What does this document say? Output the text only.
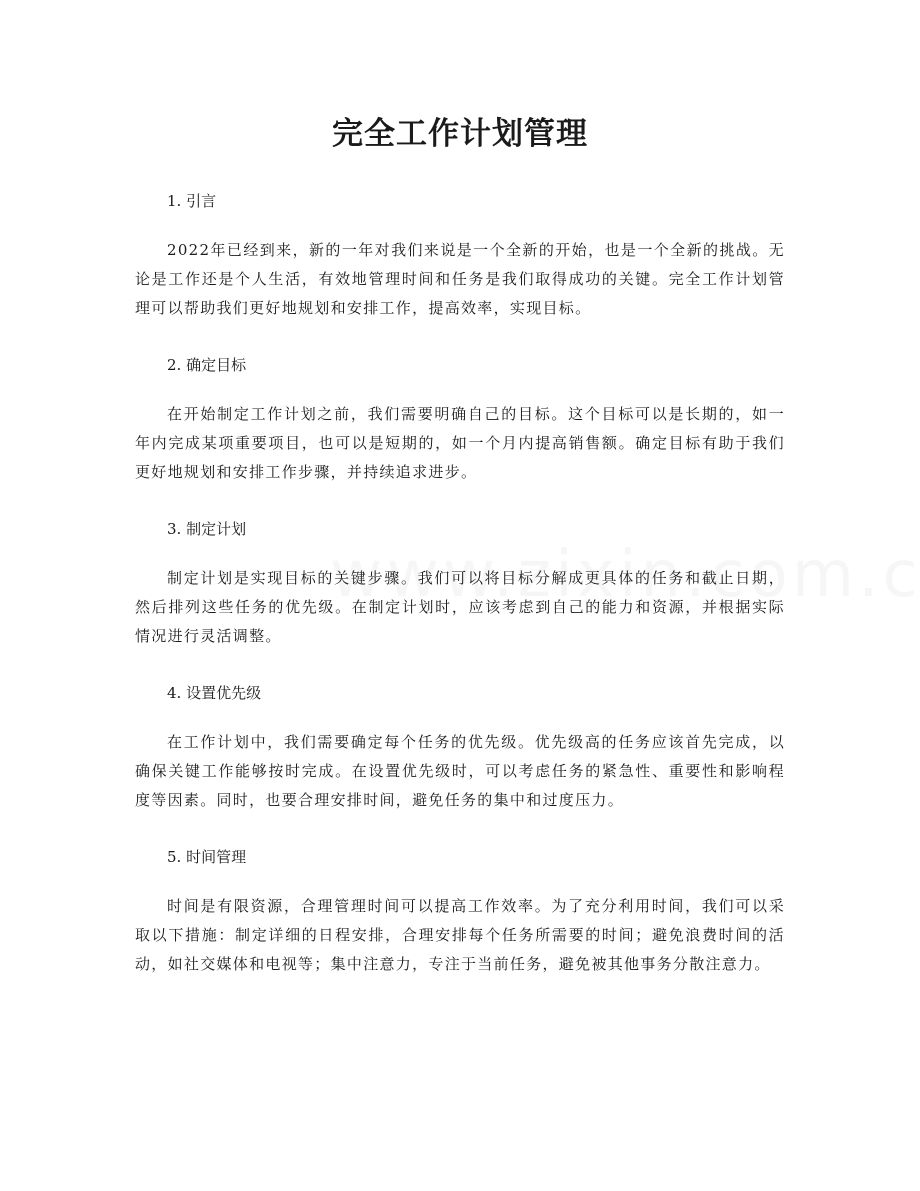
完全工作计划管理

1. 引言

2022年已经到来，新的一年对我们来说是一个全新的开始，也是一个全新的挑战。无论是工作还是个人生活，有效地管理时间和任务是我们取得成功的关键。完全工作计划管理可以帮助我们更好地规划和安排工作，提高效率，实现目标。

2. 确定目标

在开始制定工作计划之前，我们需要明确自己的目标。这个目标可以是长期的，如一年内完成某项重要项目，也可以是短期的，如一个月内提高销售额。确定目标有助于我们更好地规划和安排工作步骤，并持续追求进步。

3. 制定计划

制定计划是实现目标的关键步骤。我们可以将目标分解成更具体的任务和截止日期，然后排列这些任务的优先级。在制定计划时，应该考虑到自己的能力和资源，并根据实际情况进行灵活调整。

4. 设置优先级

在工作计划中，我们需要确定每个任务的优先级。优先级高的任务应该首先完成，以确保关键工作能够按时完成。在设置优先级时，可以考虑任务的紧急性、重要性和影响程度等因素。同时，也要合理安排时间，避免任务的集中和过度压力。

5. 时间管理

时间是有限资源，合理管理时间可以提高工作效率。为了充分利用时间，我们可以采取以下措施：制定详细的日程安排，合理安排每个任务所需要的时间；避免浪费时间的活动，如社交媒体和电视等；集中注意力，专注于当前任务，避免被其他事务分散注意力。
